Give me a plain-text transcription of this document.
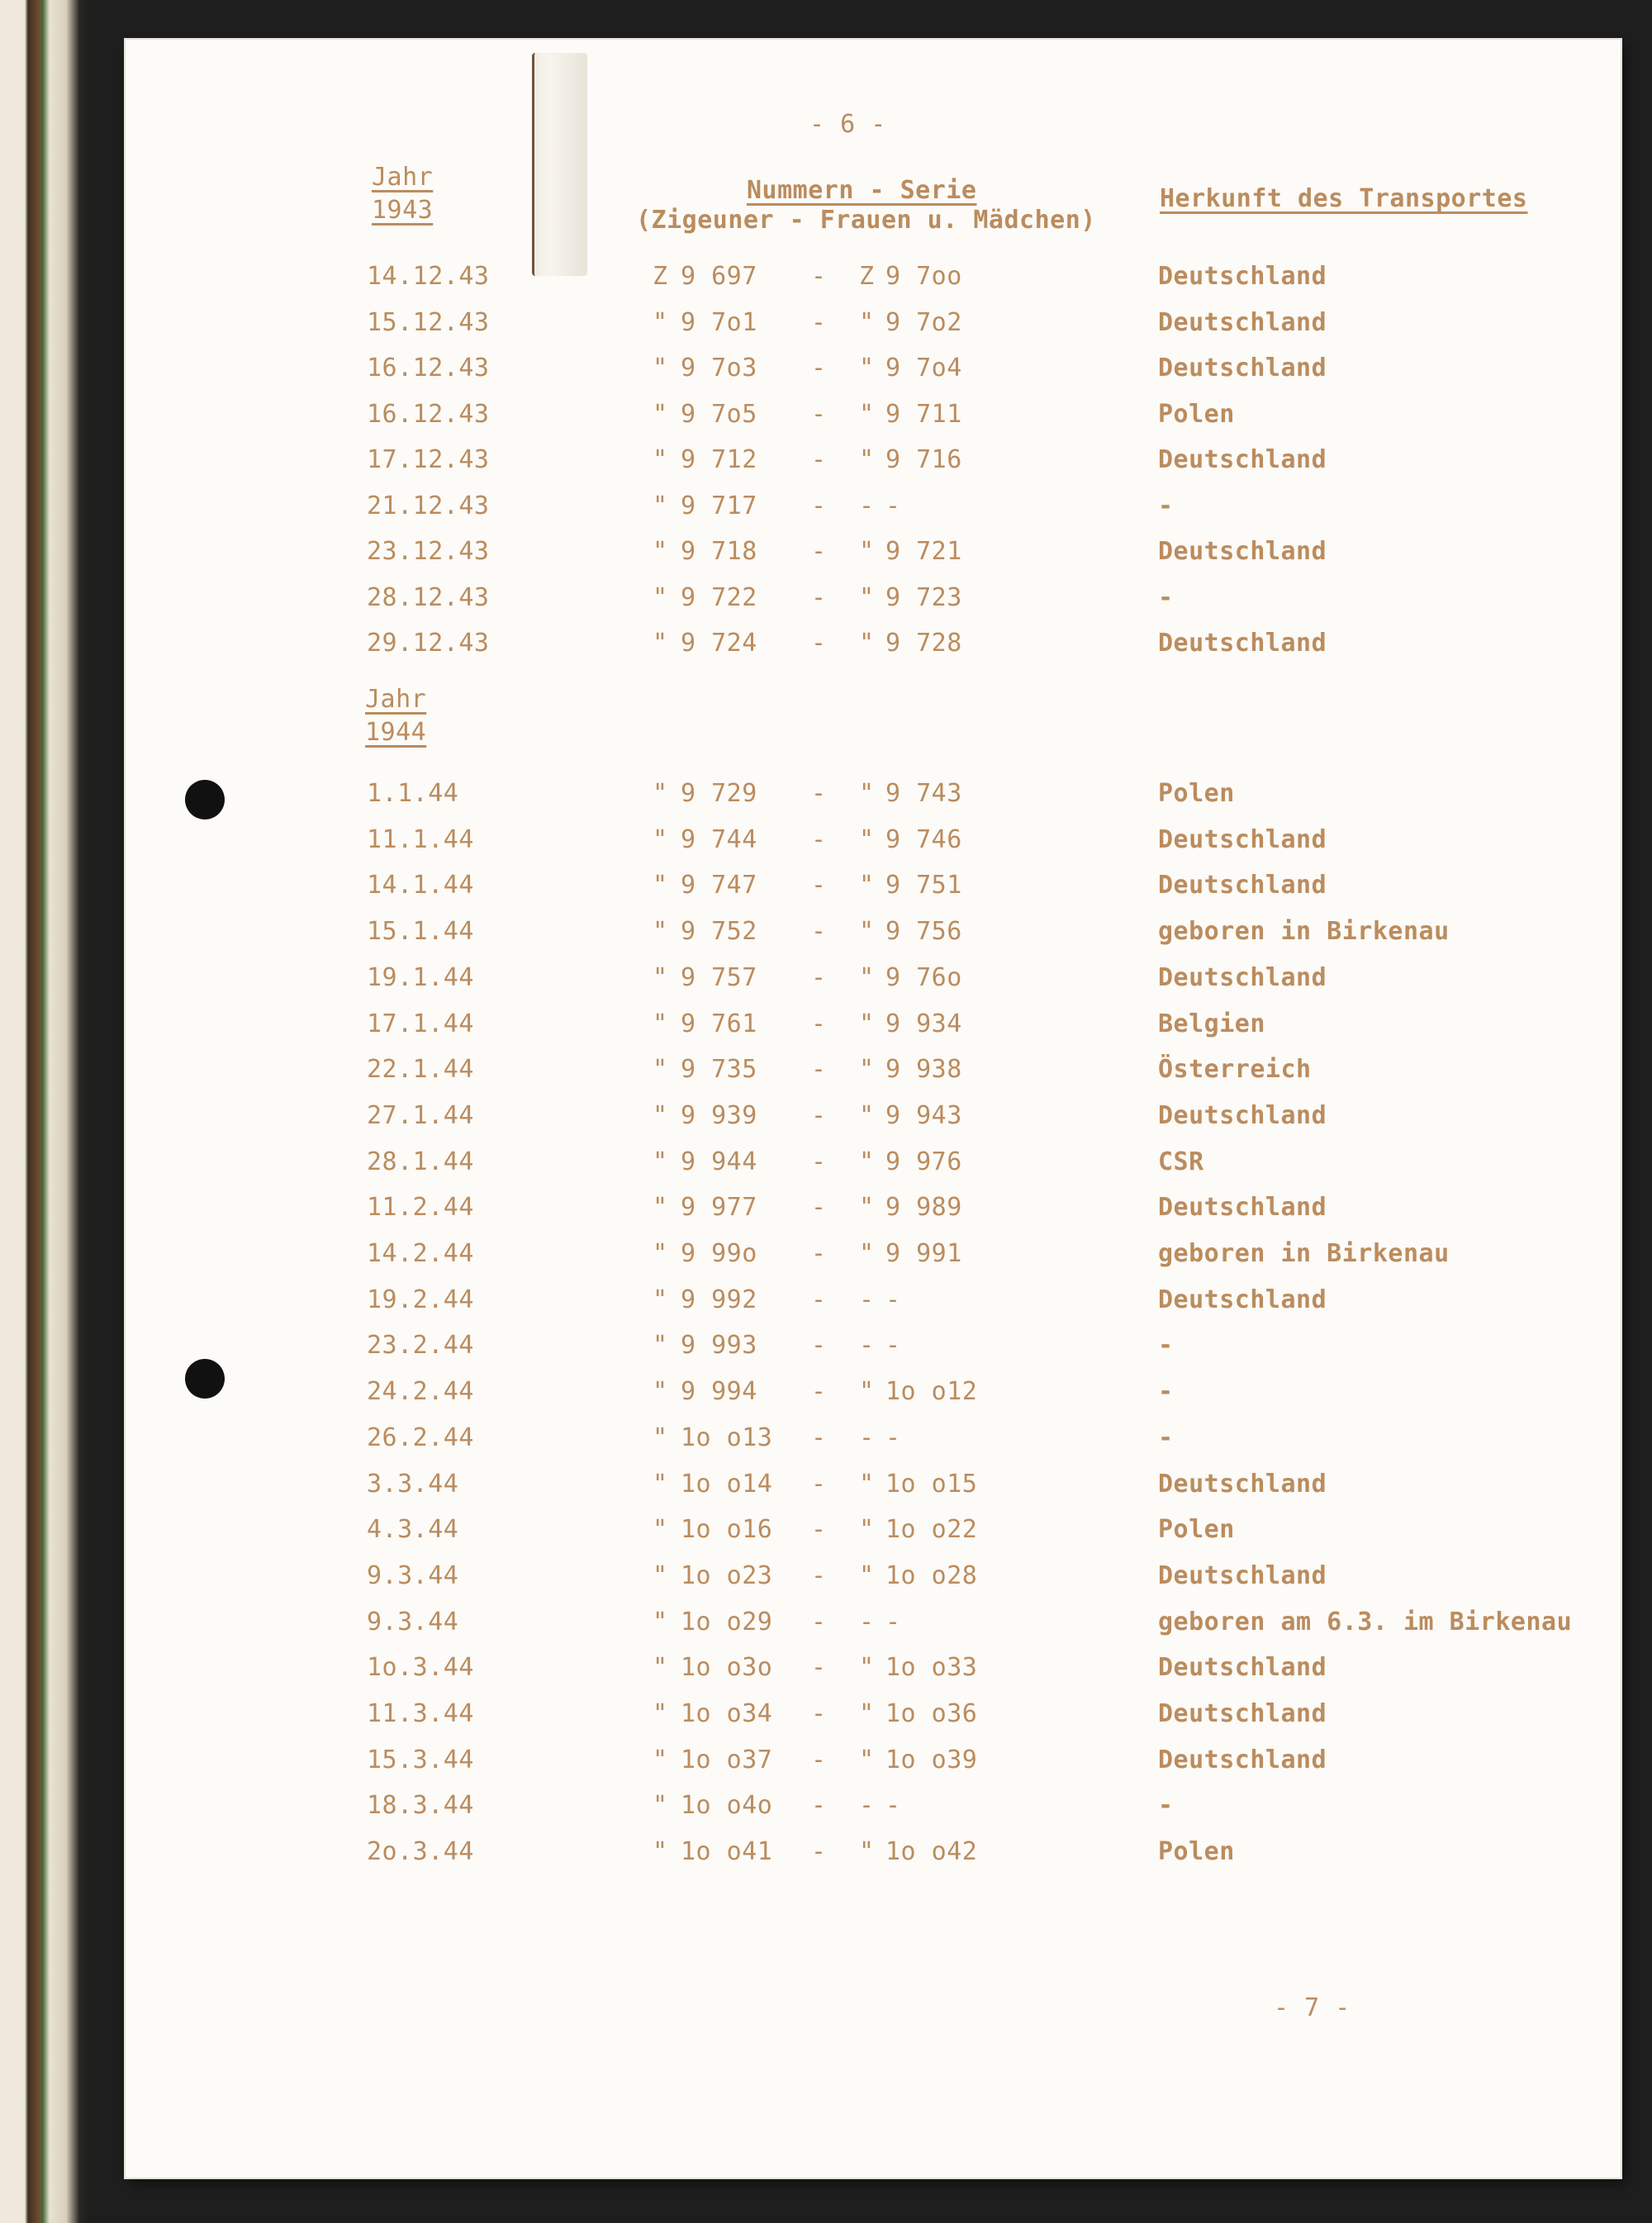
- 6 -
Jahr
1943
Nummern - Serie
(Zigeuner - Frauen u. Mädchen)
Herkunft des Transportes
14.12.43	Z 9 697 - Z 9 7oo	Deutschland
15.12.43	" 9 7o1 - " 9 7o2	Deutschland
16.12.43	" 9 7o3 - " 9 7o4	Deutschland
16.12.43	" 9 7o5 - " 9 711	Polen
17.12.43	" 9 712 - " 9 716	Deutschland
21.12.43	" 9 717 - - -	-
23.12.43	" 9 718 - " 9 721	Deutschland
28.12.43	" 9 722 - " 9 723	-
29.12.43	" 9 724 - " 9 728	Deutschland
Jahr
1944
1.1.44	" 9 729 - " 9 743	Polen
11.1.44	" 9 744 - " 9 746	Deutschland
14.1.44	" 9 747 - " 9 751	Deutschland
15.1.44	" 9 752 - " 9 756	geboren in Birkenau
19.1.44	" 9 757 - " 9 76o	Deutschland
17.1.44	" 9 761 - " 9 934	Belgien
22.1.44	" 9 735 - " 9 938	Österreich
27.1.44	" 9 939 - " 9 943	Deutschland
28.1.44	" 9 944 - " 9 976	CSR
11.2.44	" 9 977 - " 9 989	Deutschland
14.2.44	" 9 99o - " 9 991	geboren in Birkenau
19.2.44	" 9 992 - - -	Deutschland
23.2.44	" 9 993 - - -	-
24.2.44	" 9 994 - " 1o o12	-
26.2.44	" 1o o13 - - -	-
3.3.44	" 1o o14 - " 1o o15	Deutschland
4.3.44	" 1o o16 - " 1o o22	Polen
9.3.44	" 1o o23 - " 1o o28	Deutschland
9.3.44	" 1o o29 - - -	geboren am 6.3. im Birkenau
1o.3.44	" 1o o3o - " 1o o33	Deutschland
11.3.44	" 1o o34 - " 1o o36	Deutschland
15.3.44	" 1o o37 - " 1o o39	Deutschland
18.3.44	" 1o o4o - - -	-
2o.3.44	" 1o o41 - " 1o o42	Polen
- 7 -
